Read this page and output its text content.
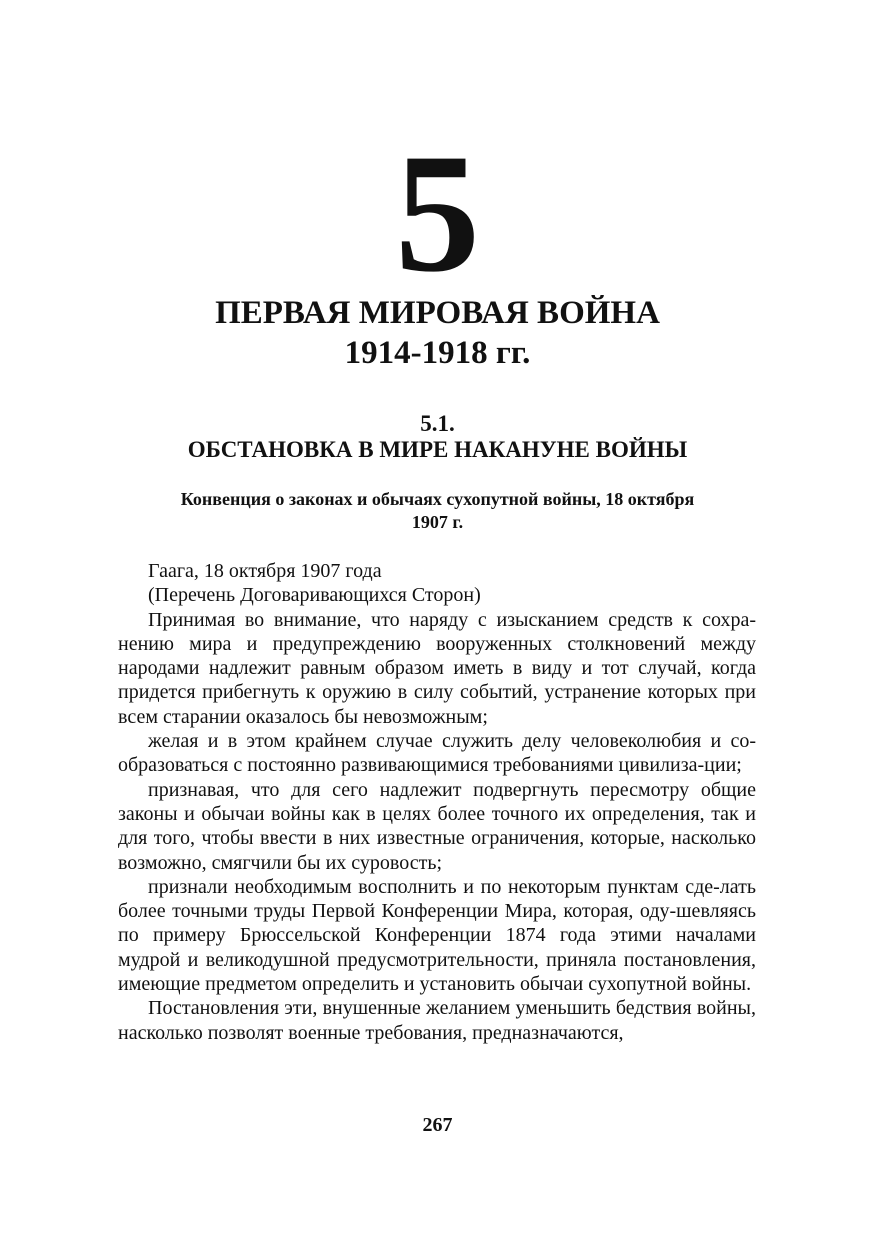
5
ПЕРВАЯ МИРОВАЯ ВОЙНА
1914-1918 гг.
5.1.
ОБСТАНОВКА В МИРЕ НАКАНУНЕ ВОЙНЫ
Конвенция о законах и обычаях сухопутной войны, 18 октября
1907 г.

Гаага, 18 октября 1907 года

(Перечень Договаривающихся Сторон)

Принимая во внимание, что наряду с изысканием средств к сохра-нению мира и предупреждению вооруженных столкновений между народами надлежит равным образом иметь в виду и тот случай, когда придется прибегнуть к оружию в силу событий, устранение которых при всем старании оказалось бы невозможным;

желая и в этом крайнем случае служить делу человеколюбия и со-образоваться с постоянно развивающимися требованиями цивилиза-ции;

признавая, что для сего надлежит подвергнуть пересмотру общие законы и обычаи войны как в целях более точного их определения, так и для того, чтобы ввести в них известные ограничения, которые, насколько возможно, смягчили бы их суровость;

признали необходимым восполнить и по некоторым пунктам сде-лать более точными труды Первой Конференции Мира, которая, оду-шевляясь по примеру Брюссельской Конференции 1874 года этими началами мудрой и великодушной предусмотрительности, приняла постановления, имеющие предметом определить и установить обычаи сухопутной войны.

Постановления эти, внушенные желанием уменьшить бедствия войны, насколько позволят военные требования, предназначаются,

267
